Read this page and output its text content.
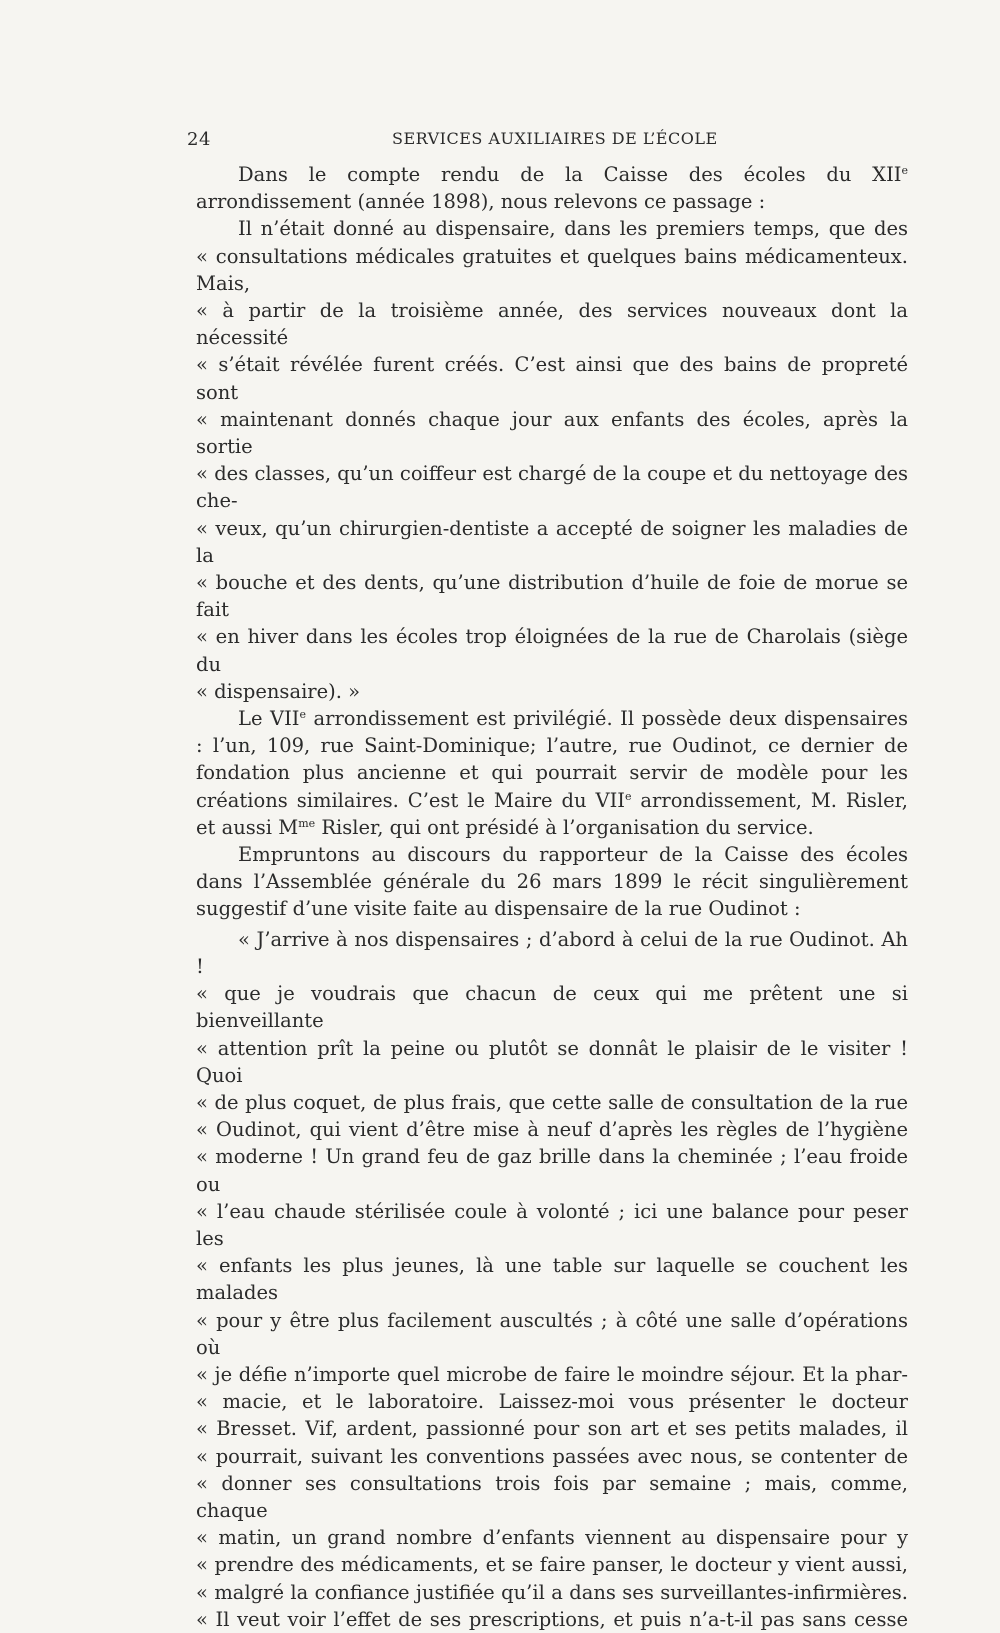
24	SERVICES AUXILIAIRES DE L’ÉCOLE

Dans le compte rendu de la Caisse des écoles du XIIe arrondissement (année 1898), nous relevons ce passage :

Il n’était donné au dispensaire, dans les premiers temps, que des

« consultations médicales gratuites et quelques bains médicamenteux. Mais,

« à partir de la troisième année, des services nouveaux dont la nécessité

« s’était révélée furent créés. C’est ainsi que des bains de propreté sont

« maintenant donnés chaque jour aux enfants des écoles, après la sortie

« des classes, qu’un coiffeur est chargé de la coupe et du nettoyage des che-

« veux, qu’un chirurgien-dentiste a accepté de soigner les maladies de la

« bouche et des dents, qu’une distribution d’huile de foie de morue se fait

« en hiver dans les écoles trop éloignées de la rue de Charolais (siège du

« dispensaire). »

Le VIIe arrondissement est privilégié. Il possède deux dispensaires : l’un, 109, rue Saint-Dominique; l’autre, rue Oudinot, ce dernier de fondation plus ancienne et qui pourrait servir de modèle pour les créations similaires. C’est le Maire du VIIe arrondissement, M. Risler, et aussi $M^{me}$ Risler, qui ont présidé à l’organisation du service.

Empruntons au discours du rapporteur de la Caisse des écoles dans l’Assemblée générale du 26 mars 1899 le récit singulièrement suggestif d’une visite faite au dispensaire de la rue Oudinot :

« J’arrive à nos dispensaires ; d’abord à celui de la rue Oudinot. Ah !

« que je voudrais que chacun de ceux qui me prêtent une si bienveillante

« attention prît la peine ou plutôt se donnât le plaisir de le visiter ! Quoi

« de plus coquet, de plus frais, que cette salle de consultation de la rue

« Oudinot, qui vient d’être mise à neuf d’après les règles de l’hygiène

« moderne ! Un grand feu de gaz brille dans la cheminée ; l’eau froide ou

« l’eau chaude stérilisée coule à volonté ; ici une balance pour peser les

« enfants les plus jeunes, là une table sur laquelle se couchent les malades

« pour y être plus facilement auscultés ; à côté une salle d’opérations où

« je défie n’importe quel microbe de faire le moindre séjour. Et la phar-

« macie, et le laboratoire. Laissez-moi vous présenter le docteur

« Bresset. Vif, ardent, passionné pour son art et ses petits malades, il

« pourrait, suivant les conventions passées avec nous, se contenter de

« donner ses consultations trois fois par semaine ; mais, comme, chaque

« matin, un grand nombre d’enfants viennent au dispensaire pour y

« prendre des médicaments, et se faire panser, le docteur y vient aussi,

« malgré la confiance justifiée qu’il a dans ses surveillantes-infirmières.

« Il veut voir l’effet de ses prescriptions, et puis n’a-t-il pas sans cesse
